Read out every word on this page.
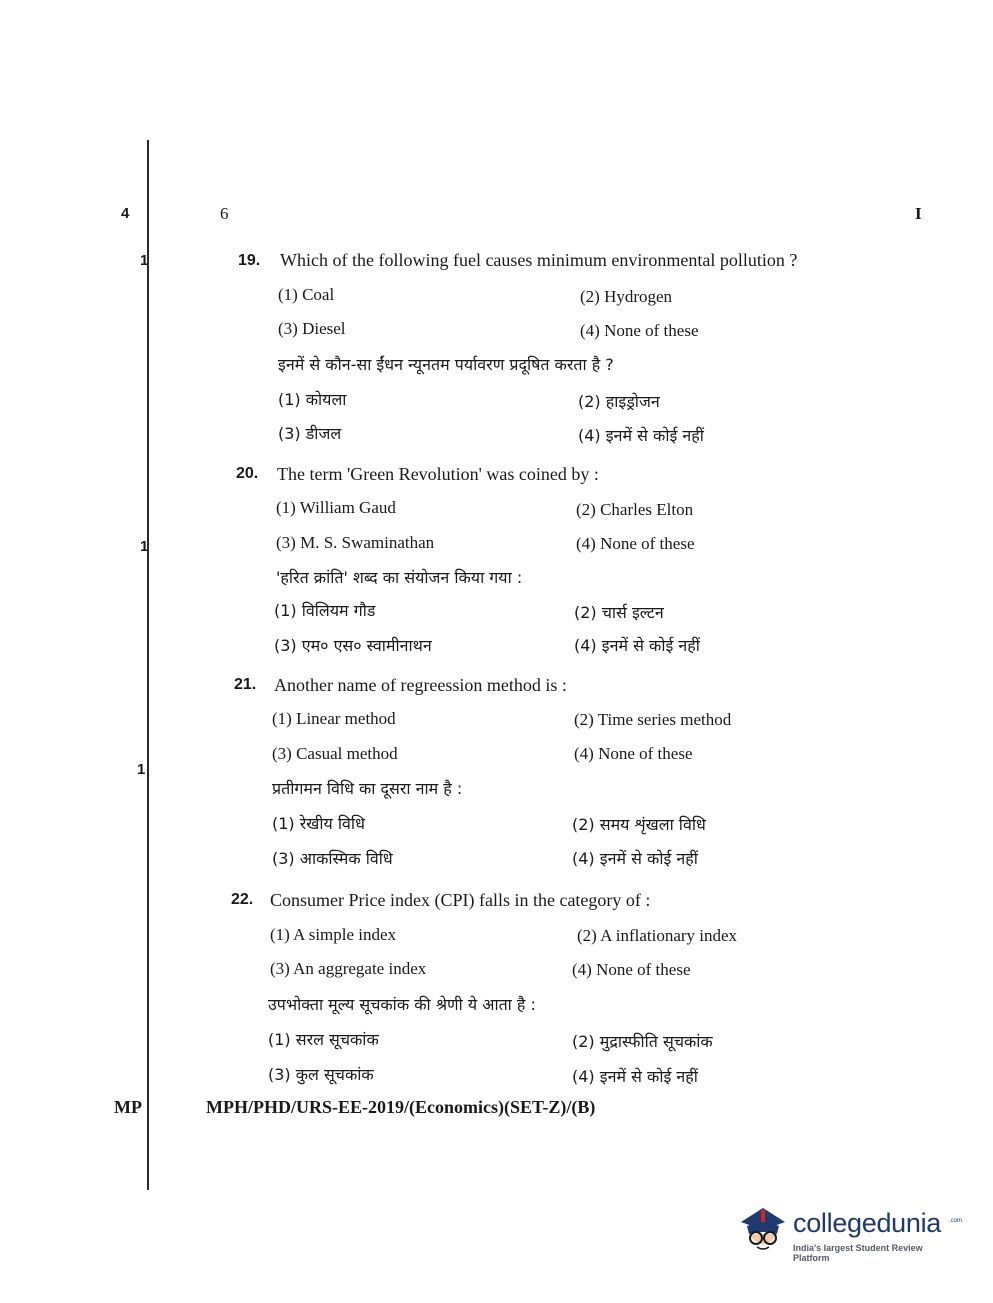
4	6	I
1
1
1
19. Which of the following fuel causes minimum environmental pollution ?
(1) Coal	(2) Hydrogen
(3) Diesel	(4) None of these
इनमें से कौन-सा ईंधन न्यूनतम पर्यावरण प्रदूषित करता है ?
(1) कोयला	(2) हाइड्रोजन
(3) डीजल	(4) इनमें से कोई नहीं
20. The term 'Green Revolution' was coined by :
(1) William Gaud	(2) Charles Elton
(3) M. S. Swaminathan	(4) None of these
'हरित क्रांति' शब्द का संयोजन किया गया :
(1) विलियम गौड	(2) चार्स इल्टन
(3) एम० एस० स्वामीनाथन	(4) इनमें से कोई नहीं
21. Another name of regreession method is :
(1) Linear method	(2) Time series method
(3) Casual method	(4) None of these
प्रतीगमन विधि का दूसरा नाम है :
(1) रेखीय विधि	(2) समय शृंखला विधि
(3) आकस्मिक विधि	(4) इनमें से कोई नहीं
22. Consumer Price index (CPI) falls in the category of :
(1) A simple index	(2) A inflationary index
(3) An aggregate index	(4) None of these
उपभोक्ता मूल्य सूचकांक की श्रेणी ये आता है :
(1) सरल सूचकांक	(2) मुद्रास्फीति सूचकांक
(3) कुल सूचकांक	(4) इनमें से कोई नहीं
MP	MPH/PHD/URS-EE-2019/(Economics)(SET-Z)/(B)
collegedunia .com
India's largest Student Review Platform
